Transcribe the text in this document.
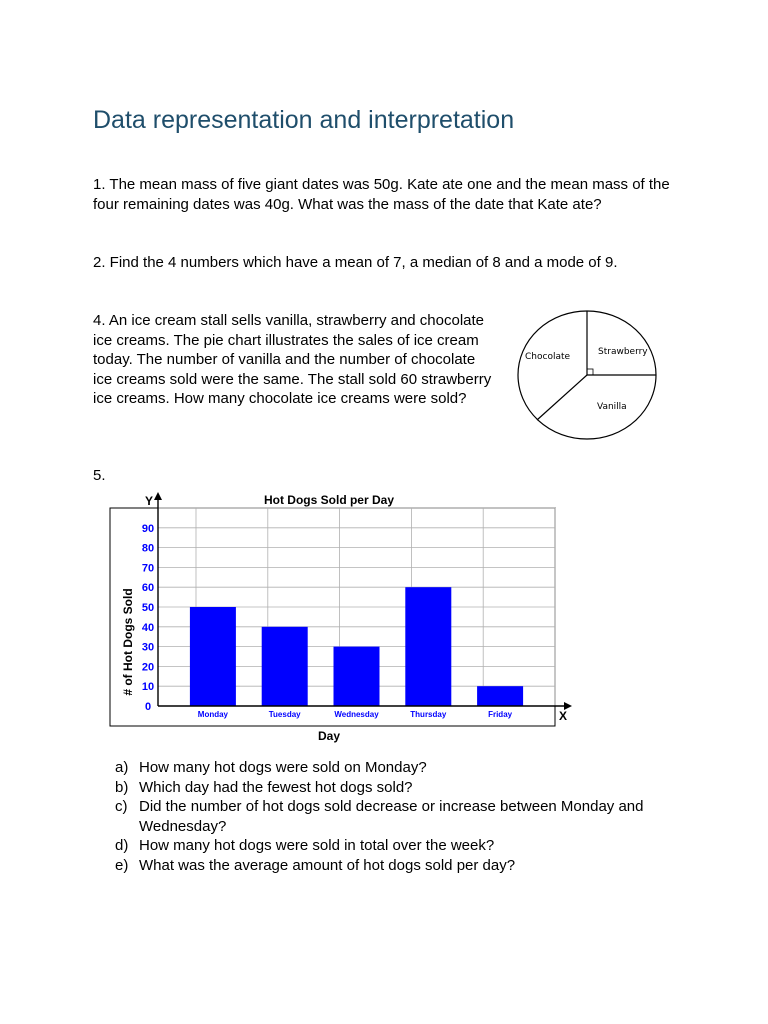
Data representation and interpretation

1. The mean mass of five giant dates was 50g. Kate ate one and the mean mass of the four remaining dates was 40g. What was the mass of the date that Kate ate?

2. Find the 4 numbers which have a mean of 7, a median of 8 and a mode of 9.

4. An ice cream stall sells vanilla, strawberry and chocolate ice creams. The pie chart illustrates the sales of ice cream today. The number of vanilla and the number of chocolate ice creams sold were the same. The stall sold 60 strawberry ice creams. How many chocolate ice creams were sold?

Chocolate	Strawberry
Vanilla

5.

0
10
20
30
40
50
60
70
80
90
Monday	Tuesday	Wednesday	Thursday	Friday
Y
X
Hot Dogs Sold per Day
Day
# of Hot Dogs Sold
a) How many hot dogs were sold on Monday?
b) Which day had the fewest hot dogs sold?
c) Did the number of hot dogs sold decrease or increase between Monday and Wednesday?
d) How many hot dogs were sold in total over the week?
e) What was the average amount of hot dogs sold per day?
